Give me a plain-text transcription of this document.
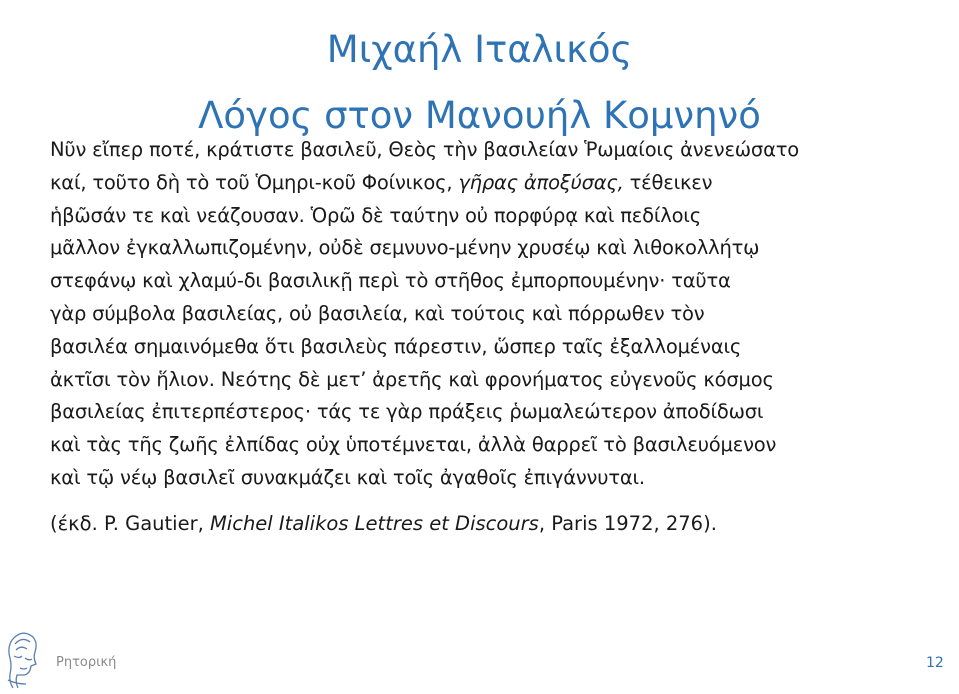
Μιχαήλ Ιταλικός
Λόγος στον Μανουήλ Κομνηνό
Νῦν εἴπερ ποτέ, κράτιστε βασιλεῦ, Θεὸς τὴν βασιλείαν Ῥωμαίοις ἀνενεώσατο
καί, τοῦτο δὴ τὸ τοῦ Ὁμηρι-κοῦ Φοίνικος, γῆρας ἀποξύσας, τέθεικεν
ἡβῶσάν τε καὶ νεάζουσαν. Ὁρῶ δὲ ταύτην οὐ πορφύρᾳ καὶ πεδίλοις
μᾶλλον ἐγκαλλωπιζομένην, οὐδὲ σεμνυνο-μένην χρυσέῳ καὶ λιθοκολλήτῳ
στεφάνῳ καὶ χλαμύ-δι βασιλικῇ περὶ τὸ στῆθος ἐμπορπουμένην· ταῦτα
γὰρ σύμβολα βασιλείας, οὐ βασιλεία, καὶ τούτοις καὶ πόρρωθεν τὸν
βασιλέα σημαινόμεθα ὅτι βασιλεὺς πάρεστιν, ὥσπερ ταῖς ἐξαλλομέναις
ἀκτῖσι τὸν ἥλιον. Νεότης δὲ μετ’ ἀρετῆς καὶ φρονήματος εὐγενοῦς κόσμος
βασιλείας ἐπιτερπέστερος· τάς τε γὰρ πράξεις ῥωμαλεώτερον ἀποδίδωσι
καὶ τὰς τῆς ζωῆς ἐλπίδας οὐχ ὑποτέμνεται, ἀλλὰ θαρρεῖ τὸ βασιλευόμενον
καὶ τῷ νέῳ βασιλεῖ συνακμάζει καὶ τοῖς ἀγαθοῖς ἐπιγάννυται.
(έκδ. P. Gautier, Michel Italikos Lettres et Discours, Paris 1972, 276).
Ρητορική	12
